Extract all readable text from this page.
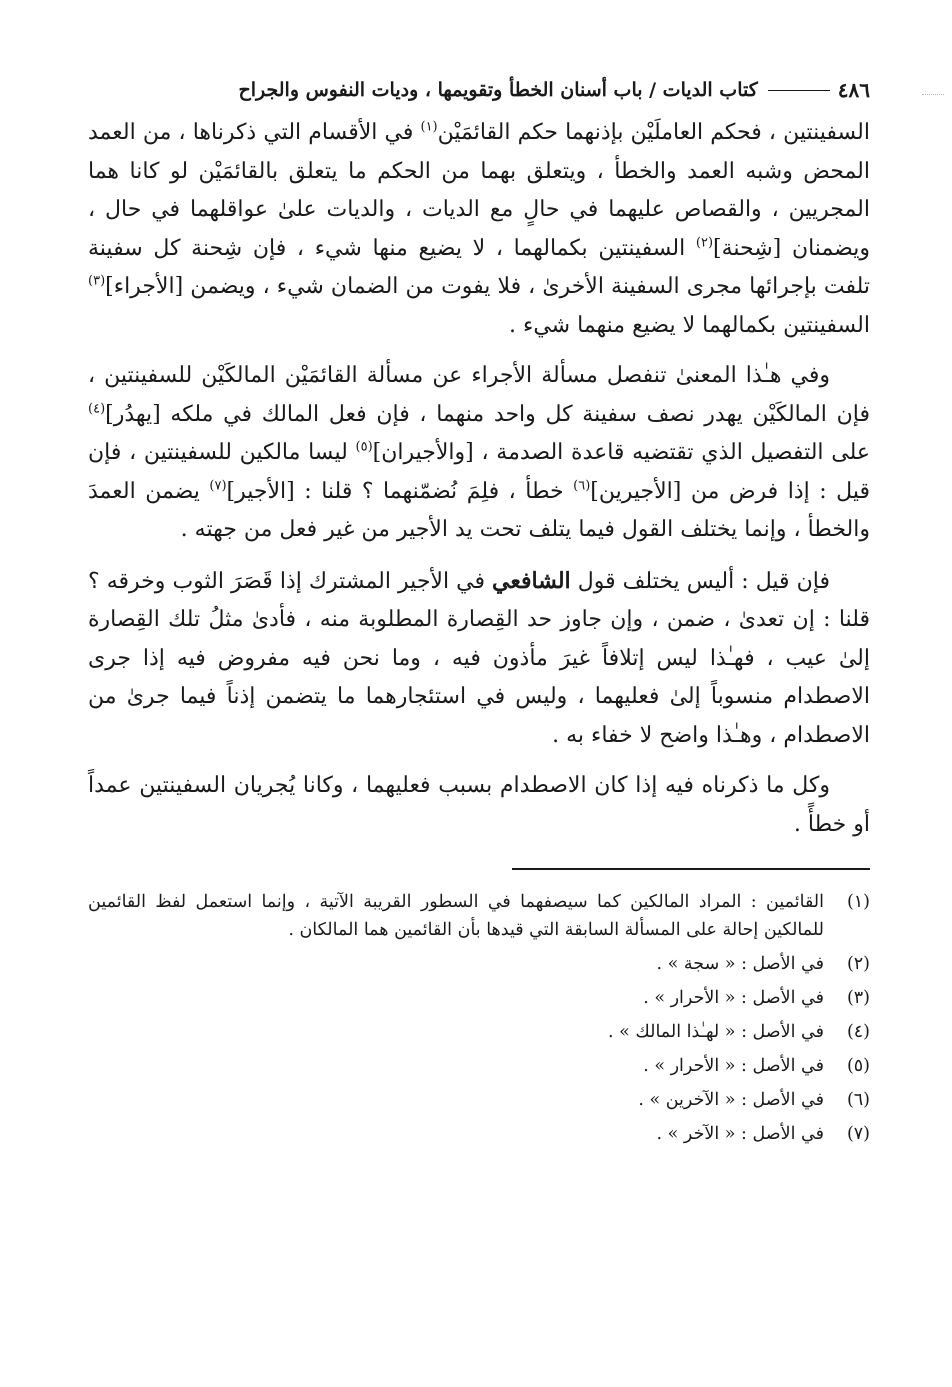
٤٨٦
كتاب الديات / باب أسنان الخطأ وتقويمها ، وديات النفوس والجراح

السفينتين ، فحكم العاملَيْن بإذنهما حكم القائمَيْن$^{(١)}$ في الأقسام التي ذكرناها ، من العمد المحض وشبه العمد والخطأ ، ويتعلق بهما من الحكم ما يتعلق بالقائمَيْن لو كانا هما المجريين ، والقصاص عليهما في حالٍ مع الديات ، والديات علىٰ عواقلهما في حال ، ويضمنان [شِحنة]$^{(٢)}$ السفينتين بكمالهما ، لا يضيع منها شيء ، فإن شِحنة كل سفينة تلفت بإجرائها مجرى السفينة الأخرىٰ ، فلا يفوت من الضمان شيء ، ويضمن [الأجراء]$^{(٣)}$ السفينتين بكمالهما لا يضيع منهما شيء .

وفي هـٰذا المعنىٰ تنفصل مسألة الأجراء عن مسألة القائمَيْن المالكَيْن للسفينتين ، فإن المالكَيْن يهدر نصف سفينة كل واحد منهما ، فإن فعل المالك في ملكه [يهدُر]$^{(٤)}$ على التفصيل الذي تقتضيه قاعدة الصدمة ، [والأجيران]$^{(٥)}$ ليسا مالكين للسفينتين ، فإن قيل : إذا فرض من [الأجيرين]$^{(٦)}$ خطأ ، فلِمَ نُضمّنهما ؟ قلنا : [الأجير]$^{(٧)}$ يضمن العمدَ والخطأ ، وإنما يختلف القول فيما يتلف تحت يد الأجير من غير فعل من جهته .

فإن قيل : أليس يختلف قول الشافعي في الأجير المشترك إذا قَصَرَ الثوب وخرقه ؟ قلنا : إن تعدىٰ ، ضمن ، وإن جاوز حد القِصارة المطلوبة منه ، فأدىٰ مثلُ تلك القِصارة إلىٰ عيب ، فهـٰذا ليس إتلافاً غيرَ مأذون فيه ، وما نحن فيه مفروض فيه إذا جرى الاصطدام منسوباً إلىٰ فعليهما ، وليس في استئجارهما ما يتضمن إذناً فيما جرىٰ من الاصطدام ، وهـٰذا واضح لا خفاء به .

وكل ما ذكرناه فيه إذا كان الاصطدام بسبب فعليهما ، وكانا يُجريان السفينتين عمداً أو خطأً .

(١)
القائمين : المراد المالكين كما سيصفهما في السطور القريبة الآتية ، وإنما استعمل لفظ القائمين للمالكين إحالة على المسألة السابقة التي قيدها بأن القائمين هما المالكان .
(٢)
في الأصل : « سجة » .
(٣)
في الأصل : « الأحرار » .
(٤)
في الأصل : « لهـٰذا المالك » .
(٥)
في الأصل : « الأحرار » .
(٦)
في الأصل : « الآخرين » .
(٧)
في الأصل : « الآخر » .
